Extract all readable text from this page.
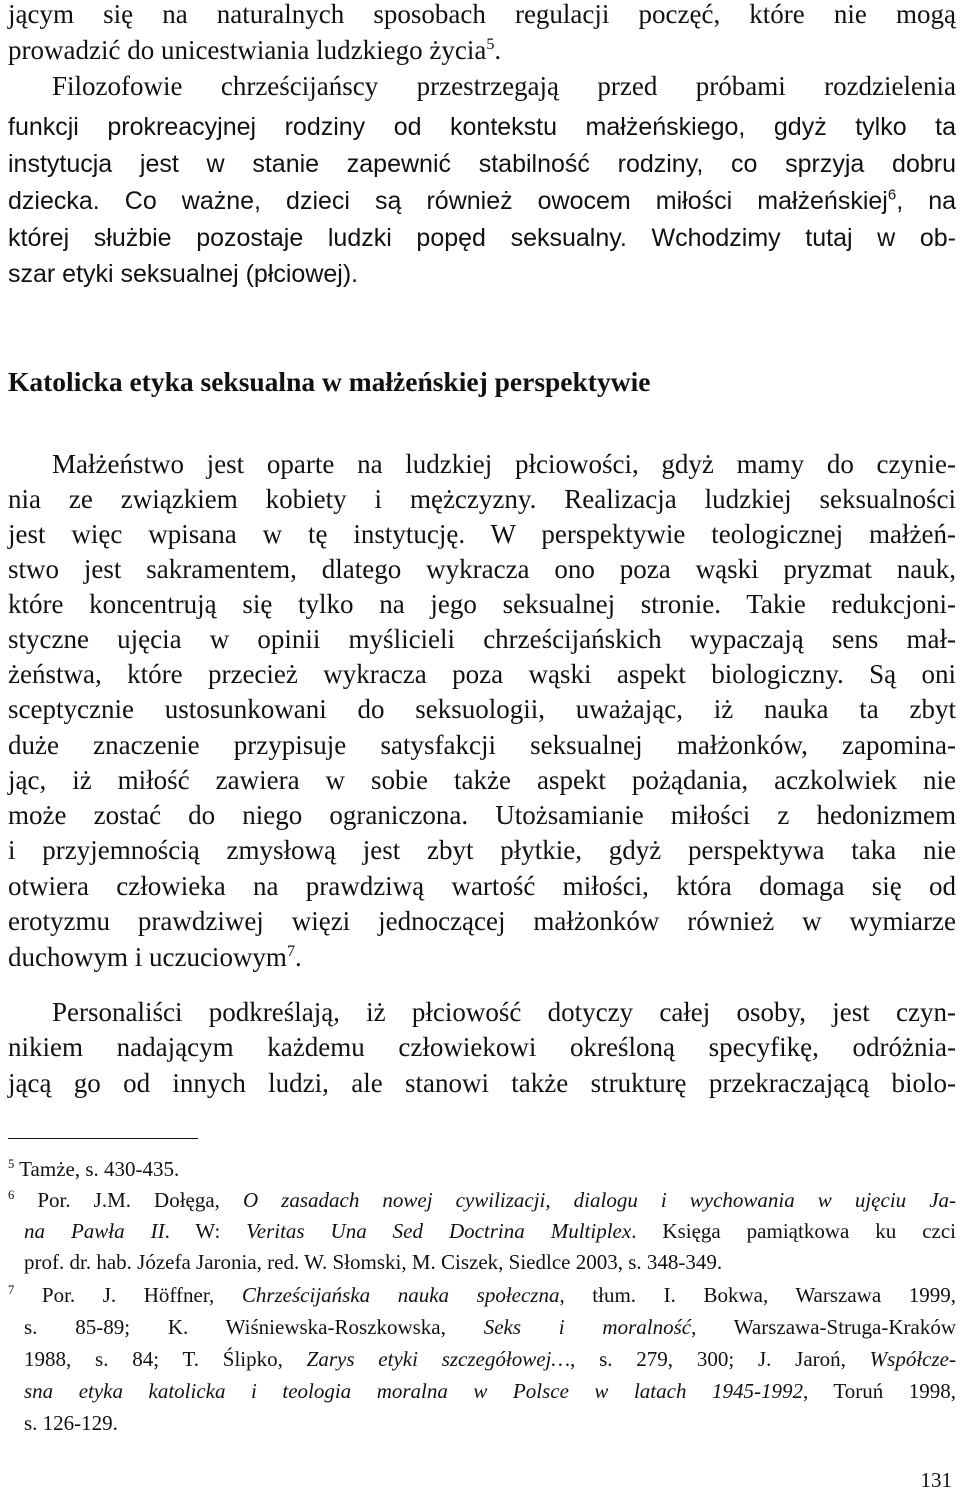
jącym się na naturalnych sposobach regulacji poczęć, które nie mogą
prowadzić do unicestwiania ludzkiego życia$^5$.
Filozofowie chrześcijańscy przestrzegają przed próbami rozdzielenia
funkcji prokreacyjnej rodziny od kontekstu małżeńskiego, gdyż tylko ta
instytucja jest w stanie zapewnić stabilność rodziny, co sprzyja dobru
dziecka. Co ważne, dzieci są również owocem miłości małżeńskiej$^6$, na
której służbie pozostaje ludzki popęd seksualny. Wchodzimy tutaj w ob-
szar etyki seksualnej (płciowej).
Katolicka etyka seksualna w małżeńskiej perspektywie
Małżeństwo jest oparte na ludzkiej płciowości, gdyż mamy do czynie-
nia ze związkiem kobiety i mężczyzny. Realizacja ludzkiej seksualności
jest więc wpisana w tę instytucję. W perspektywie teologicznej małżeń-
stwo jest sakramentem, dlatego wykracza ono poza wąski pryzmat nauk,
które koncentrują się tylko na jego seksualnej stronie. Takie redukcjoni-
styczne ujęcia w opinii myślicieli chrześcijańskich wypaczają sens mał-
żeństwa, które przecież wykracza poza wąski aspekt biologiczny. Są oni
sceptycznie ustosunkowani do seksuologii, uważając, iż nauka ta zbyt
duże znaczenie przypisuje satysfakcji seksualnej małżonków, zapomina-
jąc, iż miłość zawiera w sobie także aspekt pożądania, aczkolwiek nie
może zostać do niego ograniczona. Utożsamianie miłości z hedonizmem
i przyjemnością zmysłową jest zbyt płytkie, gdyż perspektywa taka nie
otwiera człowieka na prawdziwą wartość miłości, która domaga się od
erotyzmu prawdziwej więzi jednoczącej małżonków również w wymiarze
duchowym i uczuciowym$^7$.
Personaliści podkreślają, iż płciowość dotyczy całej osoby, jest czyn-
nikiem nadającym każdemu człowiekowi określoną specyfikę, odróżnia-
jącą go od innych ludzi, ale stanowi także strukturę przekraczającą biolo-
$^5$ Tamże, s. 430-435.
$^6$ Por. J.M. Dołęga, O zasadach nowej cywilizacji, dialogu i wychowania w ujęciu Ja-
na Pawła II. W: Veritas Una Sed Doctrina Multiplex. Księga pamiątkowa ku czci
prof. dr. hab. Józefa Jaronia, red. W. Słomski, M. Ciszek, Siedlce 2003, s. 348-349.
$^7$ Por. J. Höffner, Chrześcijańska nauka społeczna, tłum. I. Bokwa, Warszawa 1999,
s. 85-89; K. Wiśniewska-Roszkowska, Seks i moralność, Warszawa-Struga-Kraków
1988, s. 84; T. Ślipko, Zarys etyki szczegółowej…, s. 279, 300; J. Jaroń, Współcze-
sna etyka katolicka i teologia moralna w Polsce w latach 1945-1992, Toruń 1998,
s. 126-129.
131
